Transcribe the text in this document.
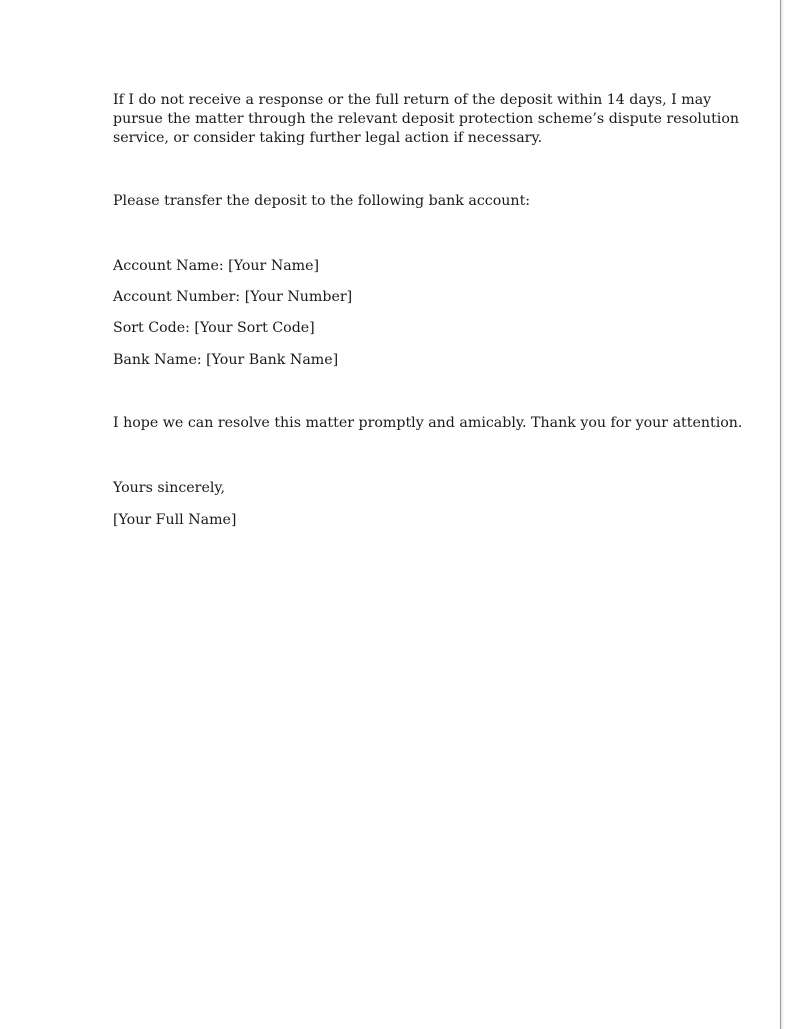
If I do not receive a response or the full return of the deposit within 14 days, I may

pursue the matter through the relevant deposit protection scheme’s dispute resolution

service, or consider taking further legal action if necessary.

Please transfer the deposit to the following bank account:

Account Name: [Your Name]

Account Number: [Your Number]

Sort Code: [Your Sort Code]

Bank Name: [Your Bank Name]

I hope we can resolve this matter promptly and amicably. Thank you for your attention.

Yours sincerely,

[Your Full Name]
